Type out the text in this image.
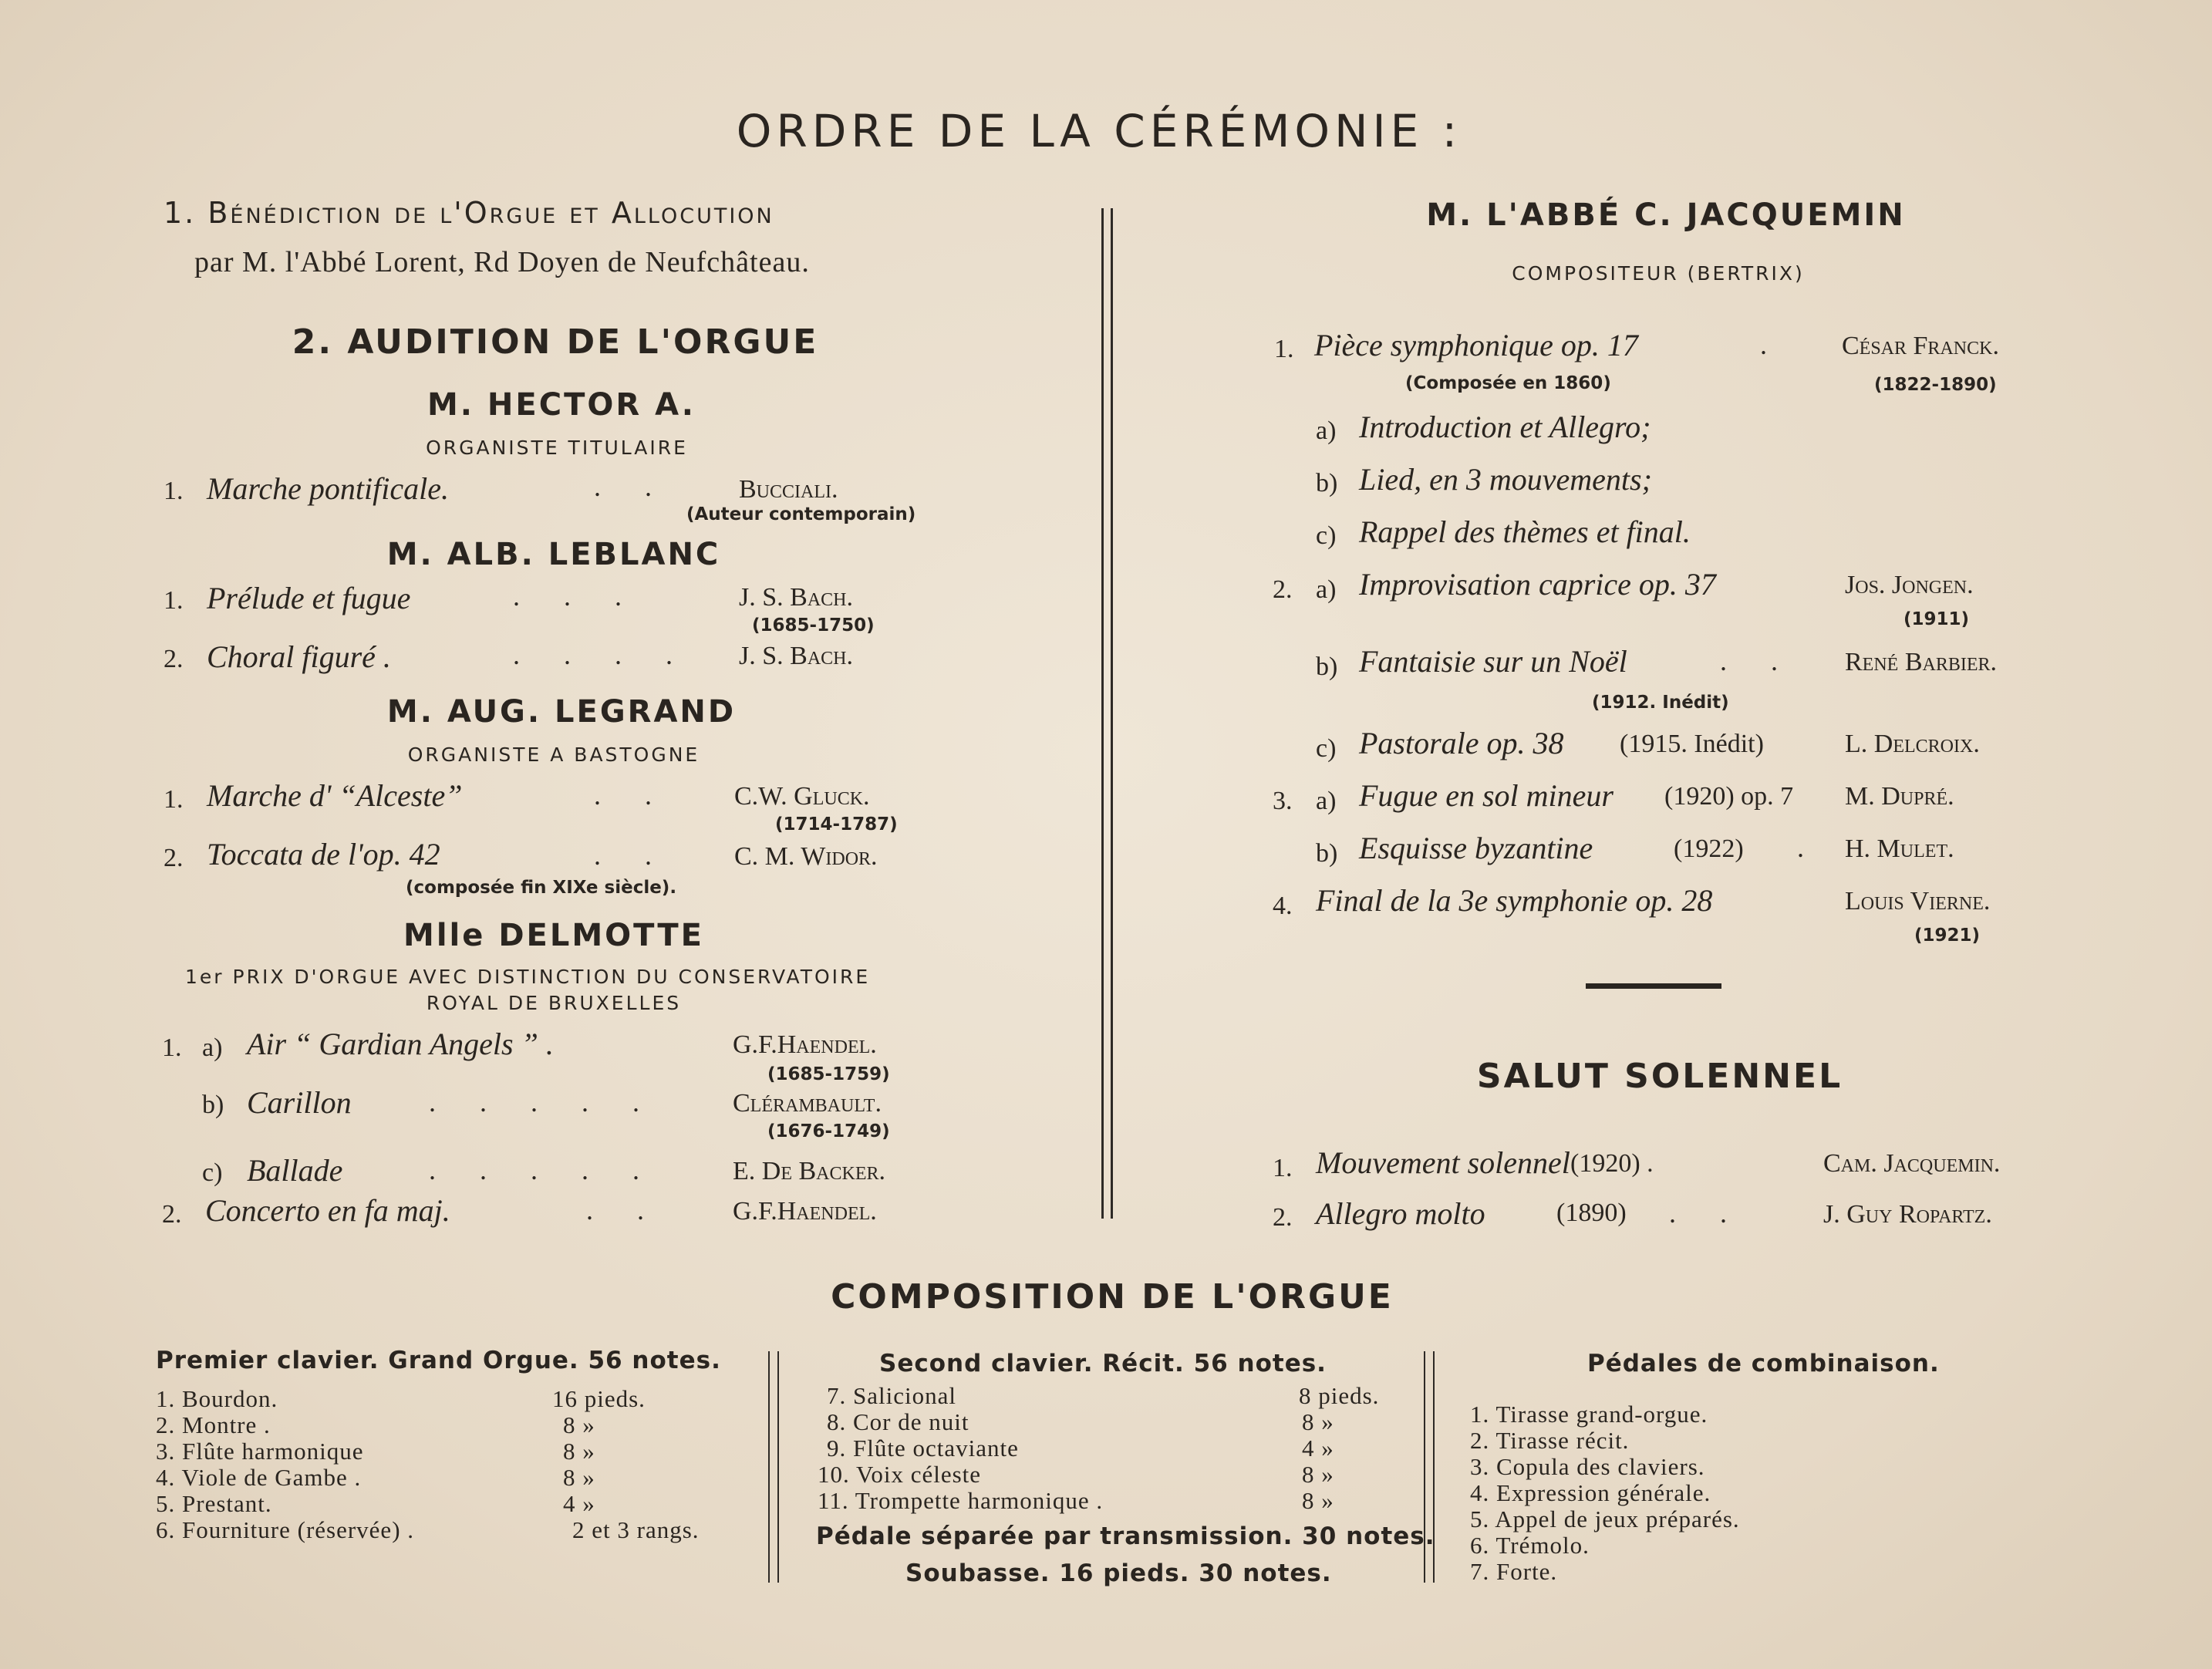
ORDRE DE LA CÉRÉMONIE :
1. Bénédiction de l'Orgue et Allocution
par M. l'Abbé Lorent, Rd Doyen de Neufchâteau.
2. AUDITION DE L'ORGUE
M. HECTOR A.
ORGANISTE TITULAIRE
1. Marche pontificale.	. .	Bucciali.
(Auteur contemporain)
M. ALB. LEBLANC
1. Prélude et fugue	. . .	J. S. Bach.
(1685-1750)
2. Choral figuré .	. . . . J. S. Bach.
M. AUG. LEGRAND
ORGANISTE A BASTOGNE
1. Marche d' “Alceste”	. . C.W. Gluck.
(1714-1787)
2. Toccata de l'op. 42	. . C. M. Widor.
(composée fin XIXe siècle).
Mlle DELMOTTE
1er PRIX D'ORGUE AVEC DISTINCTION DU CONSERVATOIRE
ROYAL DE BRUXELLES
1. a) Air “ Gardian Angels ” .	G.F.Haendel.
(1685-1759)
b) Carillon	. . . . .	Clérambault.
(1676-1749)
c) Ballade	. . . . .	E. De Backer.
2. Concerto en fa maj.	. .	G.F.Haendel.
M. L'ABBÉ C. JACQUEMIN
COMPOSITEUR (BERTRIX)
1. Pièce symphonique op. 17	.	César Franck.
(Composée en 1860)	(1822-1890)
a) Introduction et Allegro;
b) Lied, en 3 mouvements;
c) Rappel des thèmes et final.
2. a) Improvisation caprice op. 37	Jos. Jongen.
(1911)
b) Fantaisie sur un Noël	. . René Barbier.
(1912. Inédit)
c) Pastorale op. 38 (1915. Inédit)	L. Delcroix.
3. a) Fugue en sol mineur (1920) op. 7 M. Dupré.
b) Esquisse byzantine	(1922) . H. Mulet.
4. Final de la 3e symphonie op. 28	Louis Vierne.
(1921)
SALUT SOLENNEL
1. Mouvement solennel (1920) .	Cam. Jacquemin.
2. Allegro molto	(1890) . .	J. Guy Ropartz.
COMPOSITION DE L'ORGUE
Premier clavier. Grand Orgue. 56 notes.
1. Bourdon.	16 pieds.
2. Montre .	8 »
3. Flûte harmonique	8 »
4. Viole de Gambe .	8 »
5. Prestant.	4 »
6. Fourniture (réservée) .	2 et 3 rangs.
Second clavier. Récit. 56 notes.
7. Salicional	8 pieds.
8. Cor de nuit	8 »
9. Flûte octaviante	4 »
10. Voix céleste	8 »
11. Trompette harmonique .	8 »
Pédale séparée par transmission. 30 notes.
Soubasse. 16 pieds. 30 notes.
Pédales de combinaison.
1. Tirasse grand-orgue.
2. Tirasse récit.
3. Copula des claviers.
4. Expression générale.
5. Appel de jeux préparés.
6. Trémolo.
7. Forte.
